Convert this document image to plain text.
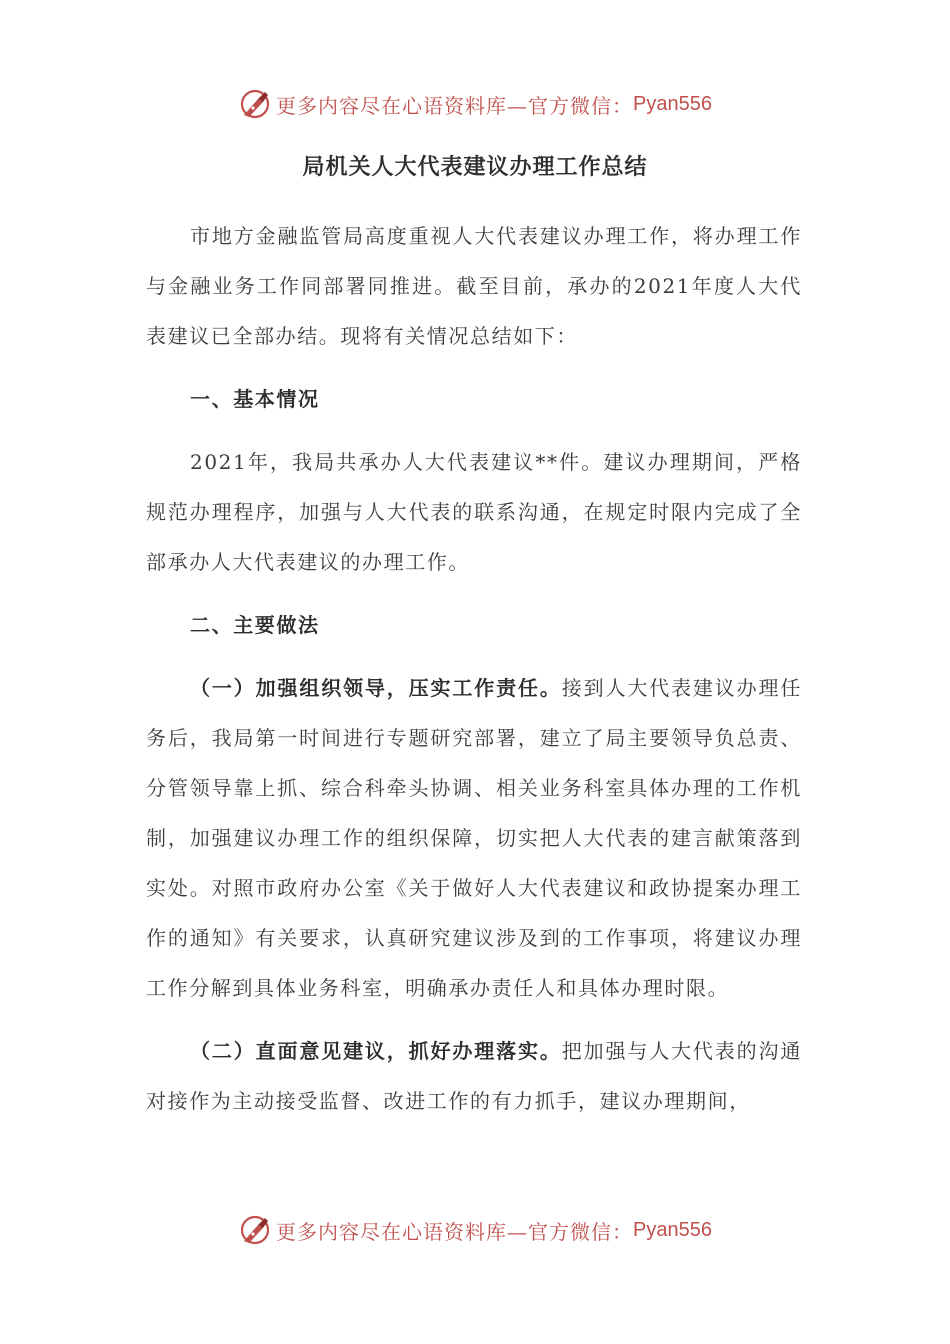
更多内容尽在心语资料库—官方微信： Pyan556
局机关人大代表建议办理工作总结

市地方金融监管局高度重视人大代表建议办理工作，将办理工作与金融业务工作同部署同推进。截至目前，承办的2021年度人大代表建议已全部办结。现将有关情况总结如下：

一、基本情况

2021年，我局共承办人大代表建议**件。建议办理期间，严格规范办理程序，加强与人大代表的联系沟通，在规定时限内完成了全部承办人大代表建议的办理工作。

二、主要做法

（一）加强组织领导，压实工作责任。接到人大代表建议办理任务后，我局第一时间进行专题研究部署，建立了局主要领导负总责、分管领导靠上抓、综合科牵头协调、相关业务科室具体办理的工作机制，加强建议办理工作的组织保障，切实把人大代表的建言献策落到实处。对照市政府办公室《关于做好人大代表建议和政协提案办理工作的通知》有关要求，认真研究建议涉及到的工作事项，将建议办理工作分解到具体业务科室，明确承办责任人和具体办理时限。

（二）直面意见建议，抓好办理落实。把加强与人大代表的沟通对接作为主动接受监督、改进工作的有力抓手，建议办理期间，

更多内容尽在心语资料库—官方微信： Pyan556
